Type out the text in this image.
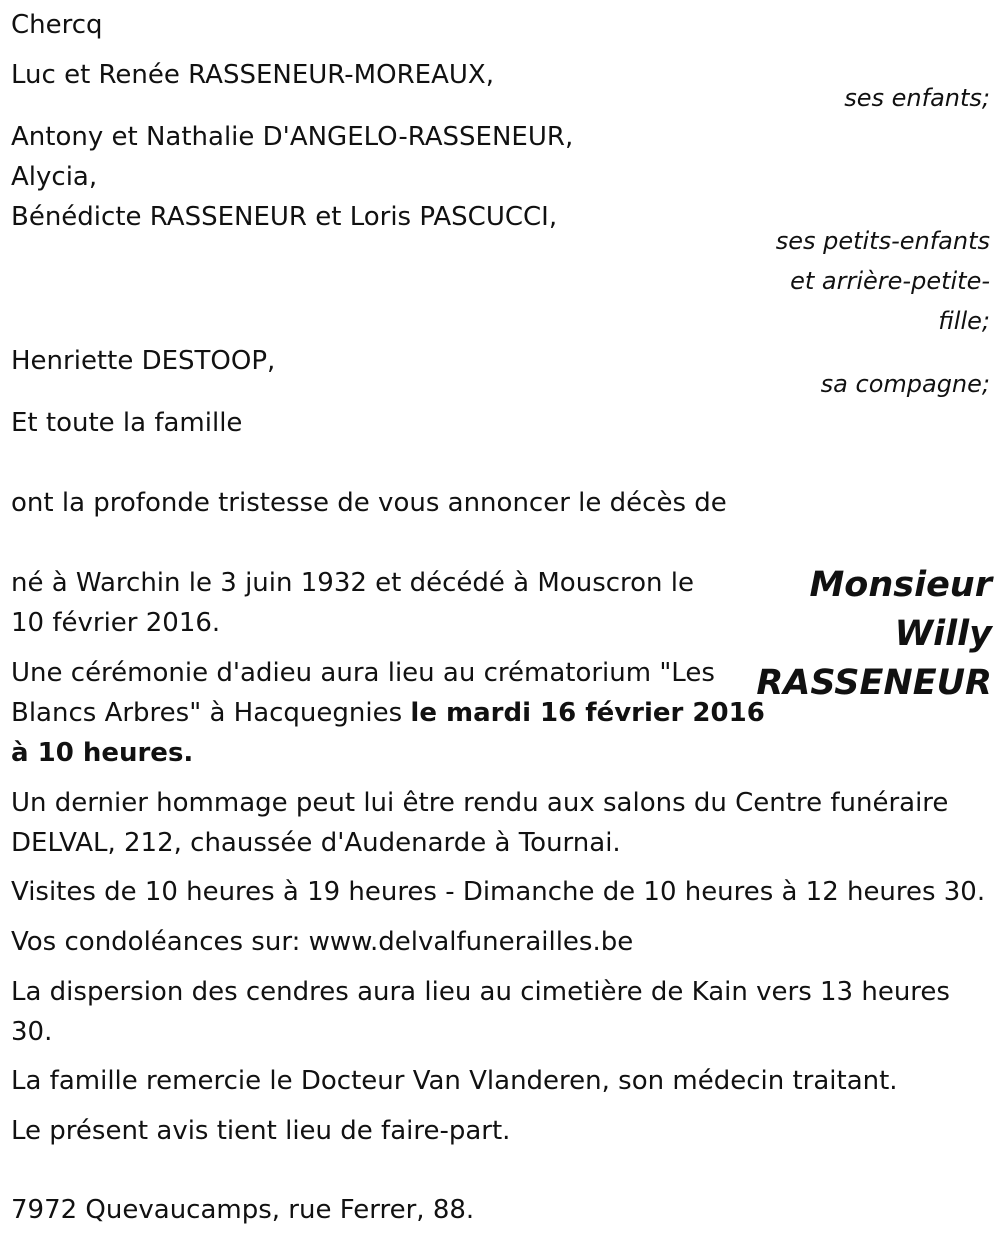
Chercq
Luc et Renée RASSENEUR-MOREAUX,
ses enfants;
Antony et Nathalie D'ANGELO-RASSENEUR,
Alycia,
Bénédicte RASSENEUR et Loris PASCUCCI,
ses petits-enfants
et arrière-petite-
fille;
Henriette DESTOOP,
sa compagne;
Et toute la famille
ont la profonde tristesse de vous annoncer le décès de
Monsieur
Willy
RASSENEUR
né à Warchin le 3 juin 1932 et décédé à Mouscron le
10 février 2016.
Une cérémonie d'adieu aura lieu au crématorium "Les
Blancs Arbres" à Hacquegnies le mardi 16 février 2016
à 10 heures.
Un dernier hommage peut lui être rendu aux salons du Centre funéraire
DELVAL, 212, chaussée d'Audenarde à Tournai.
Visites de 10 heures à 19 heures - Dimanche de 10 heures à 12 heures 30.
Vos condoléances sur: www.delvalfunerailles.be
La dispersion des cendres aura lieu au cimetière de Kain vers 13 heures
30.
La famille remercie le Docteur Van Vlanderen, son médecin traitant.
Le présent avis tient lieu de faire-part.
7972 Quevaucamps, rue Ferrer, 88.
